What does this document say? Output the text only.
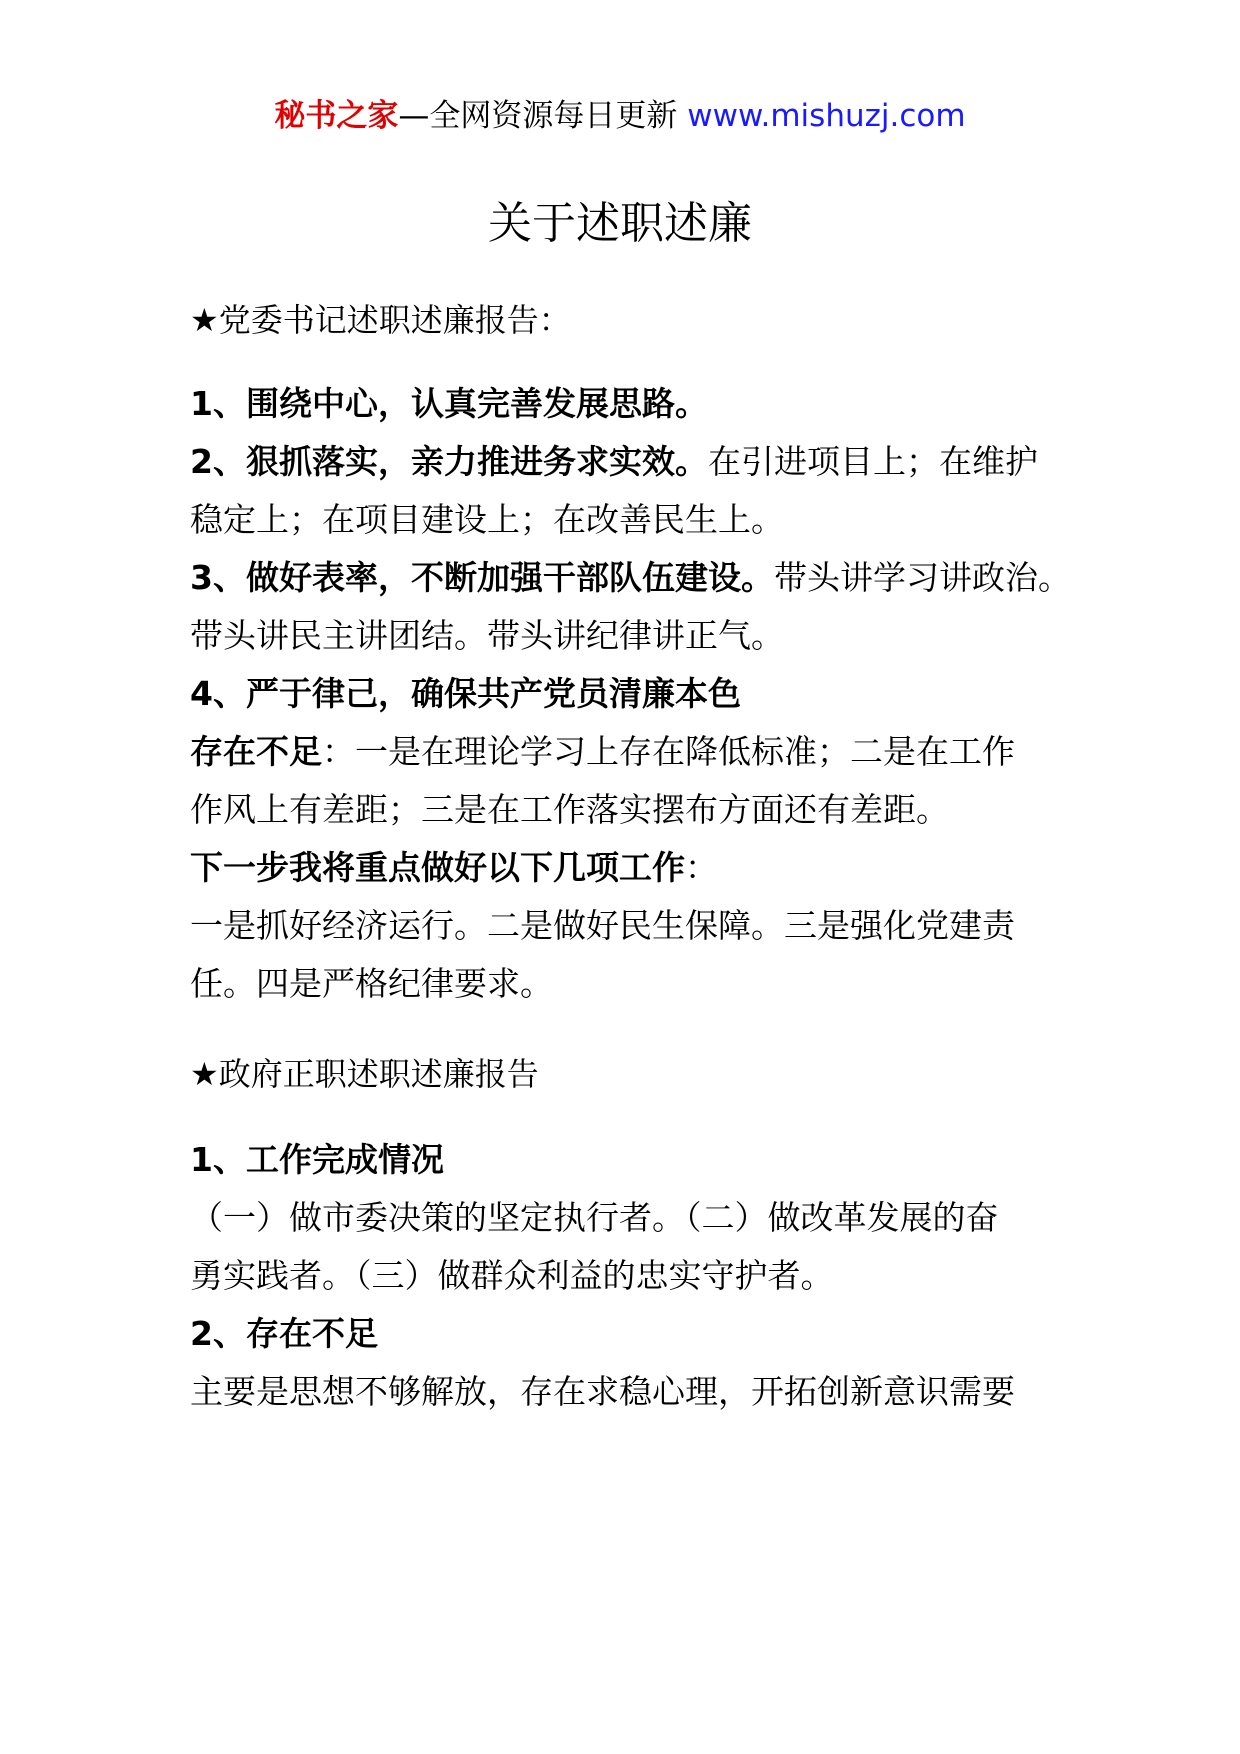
秘书之家—全网资源每日更新 www.mishuzj.com
关于述职述廉
★党委书记述职述廉报告：
1、围绕中心，认真完善发展思路。
2、狠抓落实，亲力推进务求实效。在引进项目上；在维护
稳定上；在项目建设上；在改善民生上。
3、做好表率，不断加强干部队伍建设。带头讲学习讲政治。
带头讲民主讲团结。带头讲纪律讲正气。
4、严于律己，确保共产党员清廉本色
存在不足：一是在理论学习上存在降低标准；二是在工作
作风上有差距；三是在工作落实摆布方面还有差距。
下一步我将重点做好以下几项工作：
一是抓好经济运行。二是做好民生保障。三是强化党建责
任。四是严格纪律要求。
★政府正职述职述廉报告
1、工作完成情况
（一）做市委决策的坚定执行者。（二）做改革发展的奋
勇实践者。（三）做群众利益的忠实守护者。
2、存在不足
主要是思想不够解放，存在求稳心理，开拓创新意识需要
